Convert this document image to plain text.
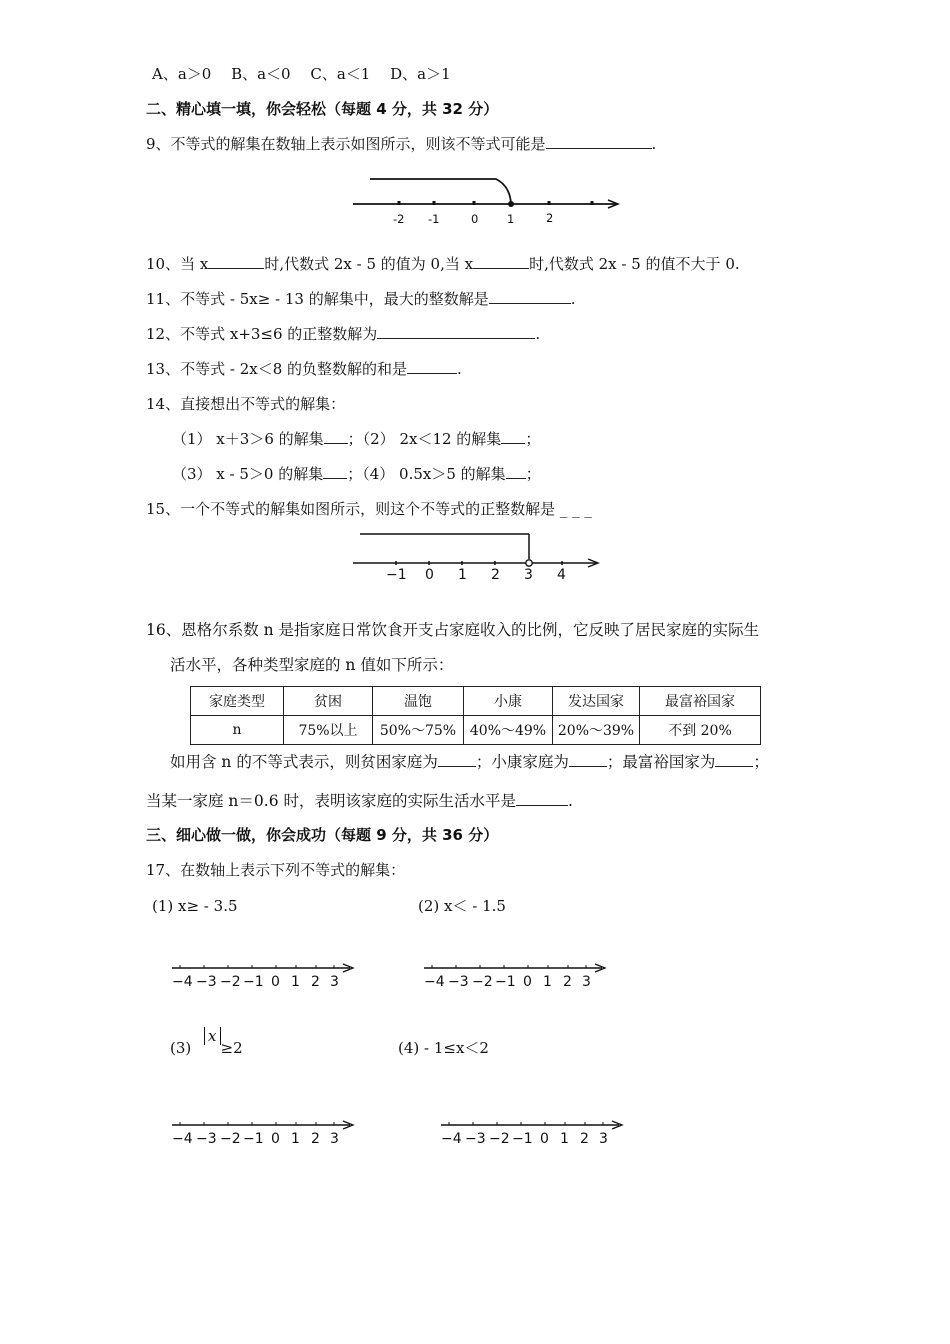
A、a＞0　 B、a＜0　 C、a＜1　 D、a＞1
二、精心填一填，你会轻松（每题 4 分，共 32 分）
9、不等式的解集在数轴上表示如图所示，则该不等式可能是	.
-2 -1	0 1	2
10、当 x	时,代数式 2x - 5 的值为 0,当 x	时,代数式 2x - 5 的值不大于 0.
11、不等式 - 5x≥ - 13 的解集中，最大的整数解是	.
12、不等式 x+3≤6 的正整数解为	.
13、不等式 - 2x＜8 的负整数解的和是	.
14、直接想出不等式的解集：
（1） x＋3＞6 的解集 ；（2） 2x＜12 的解集 ；
（3） x - 5＞0 的解集 ；（4） 0.5x＞5 的解集 ；
15、一个不等式的解集如图所示，则这个不等式的正整数解是 _ _ _
−1 0 1 2 3 4
16、恩格尔系数 n 是指家庭日常饮食开支占家庭收入的比例，它反映了居民家庭的实际生
活水平，各种类型家庭的 n 值如下所示：
家庭类型	贫困	温饱	小康	发达国家	最富裕国家
n	75%以上	50%～75%	40%～49%	20%～39%	不到 20%
如用含 n 的不等式表示，则贫困家庭为 ；小康家庭为 ；最富裕国家为 ；
当某一家庭 n＝0.6 时，表明该家庭的实际生活水平是	.
三、细心做一做，你会成功（每题 9 分，共 36 分）
17、在数轴上表示下列不等式的解集：
(1) x≥ - 3.5	(2) x＜ - 1.5
−4 −3 −2 −1 0 1 2 3	−4 −3 −2 −1 0 1 2 3
(3) x≥2	(4) - 1≤x＜2
−4 −3 −2 −1 0 1 2 3	−4 −3 −2 −1 0 1 2 3
